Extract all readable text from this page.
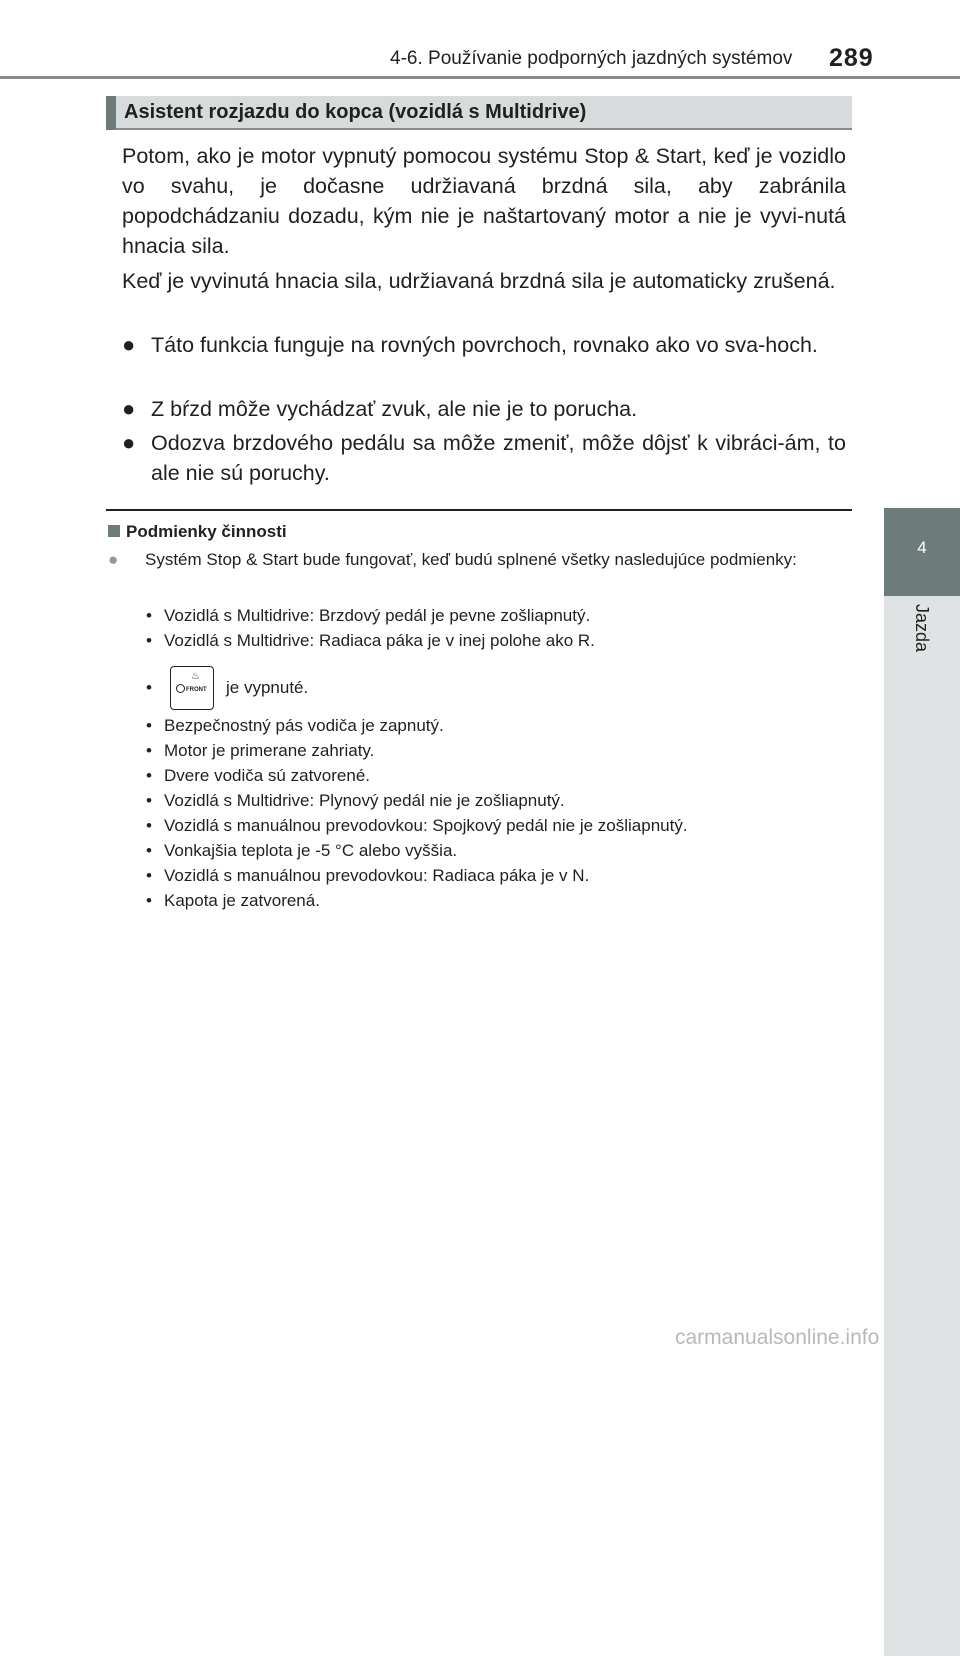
4-6. Používanie podporných jazdných systémov 289
4
Jazda
Asistent rozjazdu do kopca (vozidlá s Multidrive)
Potom, ako je motor vypnutý pomocou systému Stop & Start, keď je vozidlo vo svahu, je dočasne udržiavaná brzdná sila, aby zabránila popodchádzaniu dozadu, kým nie je naštartovaný motor a nie je vyvi-nutá hnacia sila.
Keď je vyvinutá hnacia sila, udržiavaná brzdná sila je automaticky zrušená.
● Táto funkcia funguje na rovných povrchoch, rovnako ako vo sva-hoch.
● Z bŕzd môže vychádzať zvuk, ale nie je to porucha.
● Odozva brzdového pedálu sa môže zmeniť, môže dôjsť k vibráci-ám, to ale nie sú poruchy.
Podmienky činnosti
● Systém Stop & Start bude fungovať, keď budú splnené všetky nasledujúce podmienky:
• Vozidlá s Multidrive: Brzdový pedál je pevne zošliapnutý.
• Vozidlá s Multidrive: Radiaca páka je v inej polohe ako R.
•
♨
FRONT je vypnuté.
• Bezpečnostný pás vodiča je zapnutý.
• Motor je primerane zahriaty.
• Dvere vodiča sú zatvorené.
• Vozidlá s Multidrive: Plynový pedál nie je zošliapnutý.
• Vozidlá s manuálnou prevodovkou: Spojkový pedál nie je zošliapnutý.
• Vonkajšia teplota je -5 °C alebo vyššia.
• Vozidlá s manuálnou prevodovkou: Radiaca páka je v N.
• Kapota je zatvorená.
carmanualsonline.info
